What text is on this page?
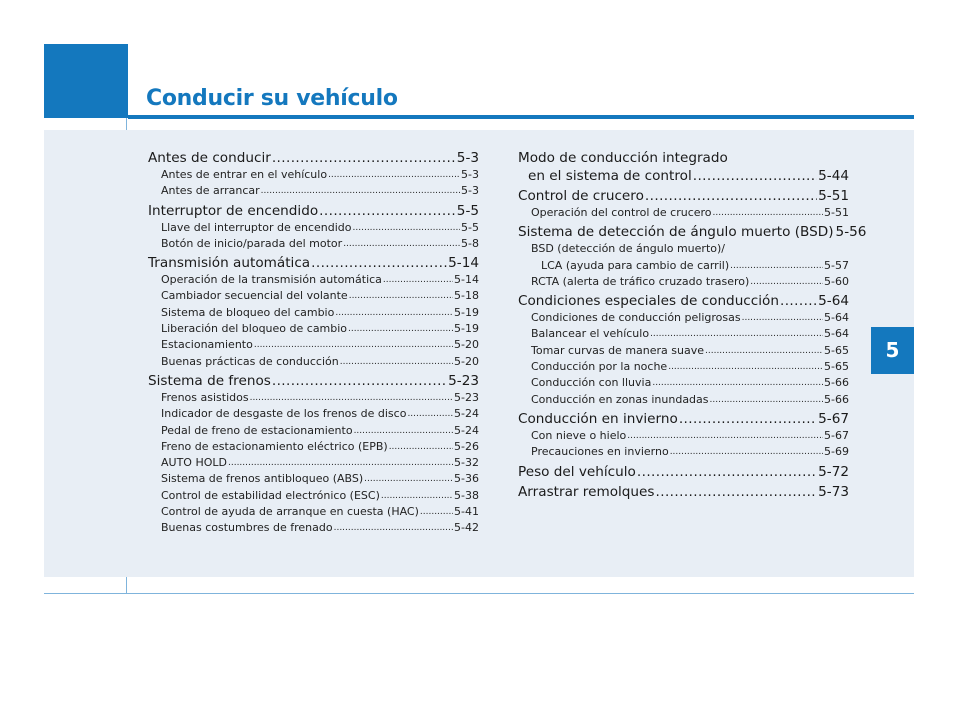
Conducir su vehículo
5
Antes de conducir .....	5-3
Antes de entrar en el vehículo .....	5-3
Antes de arrancar .....	5-3
Interruptor de encendido .....	5-5
Llave del interruptor de encendido .....	5-5
Botón de inicio/parada del motor .....	5-8
Transmisión automática .....	5-14
Operación de la transmisión automática .....	5-14
Cambiador secuencial del volante .....	5-18
Sistema de bloqueo del cambio .....	5-19
Liberación del bloqueo de cambio .....	5-19
Estacionamiento .....	5-20
Buenas prácticas de conducción .....	5-20
Sistema de frenos .....	5-23
Frenos asistidos .....	5-23
Indicador de desgaste de los frenos de disco .....	5-24
Pedal de freno de estacionamiento .....	5-24
Freno de estacionamiento eléctrico (EPB) .....	5-26
AUTO HOLD .....	5-32
Sistema de frenos antibloqueo (ABS) .....	5-36
Control de estabilidad electrónico (ESC) .....	5-38
Control de ayuda de arranque en cuesta (HAC) .....	5-41
Buenas costumbres de frenado .....	5-42
Modo de conducción integrado
en el sistema de control .....	5-44
Control de crucero .....	5-51
Operación del control de crucero .....	5-51
Sistema de detección de ángulo muerto (BSD) 5-56
BSD (detección de ángulo muerto)/
LCA (ayuda para cambio de carril) .....	5-57
RCTA (alerta de tráfico cruzado trasero) .....	5-60
Condiciones especiales de conducción .....	5-64
Condiciones de conducción peligrosas .....	5-64
Balancear el vehículo .....	5-64
Tomar curvas de manera suave .....	5-65
Conducción por la noche .....	5-65
Conducción con lluvia .....	5-66
Conducción en zonas inundadas .....	5-66
Conducción en invierno .....	5-67
Con nieve o hielo .....	5-67
Precauciones en invierno .....	5-69
Peso del vehículo .....	5-72
Arrastrar remolques .....	5-73
